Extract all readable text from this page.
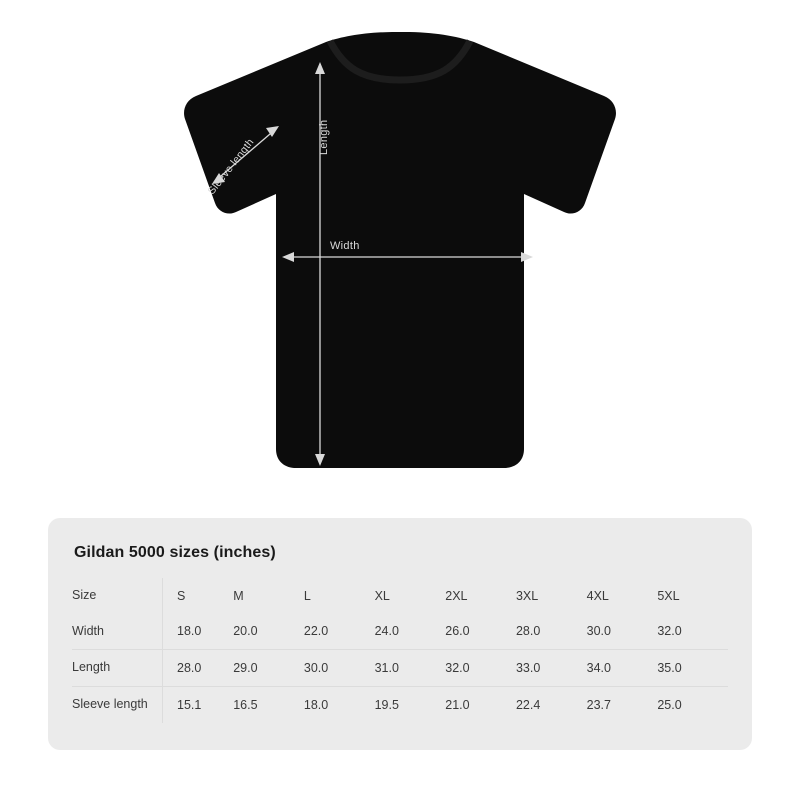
Width
Length
Sleeve length
Gildan 5000 sizes (inches)
Size	S	M	L	XL	2XL	3XL	4XL	5XL
Width	18.0	20.0	22.0	24.0	26.0	28.0	30.0	32.0
Length	28.0	29.0	30.0	31.0	32.0	33.0	34.0	35.0
Sleeve length	15.1	16.5	18.0	19.5	21.0	22.4	23.7	25.0
